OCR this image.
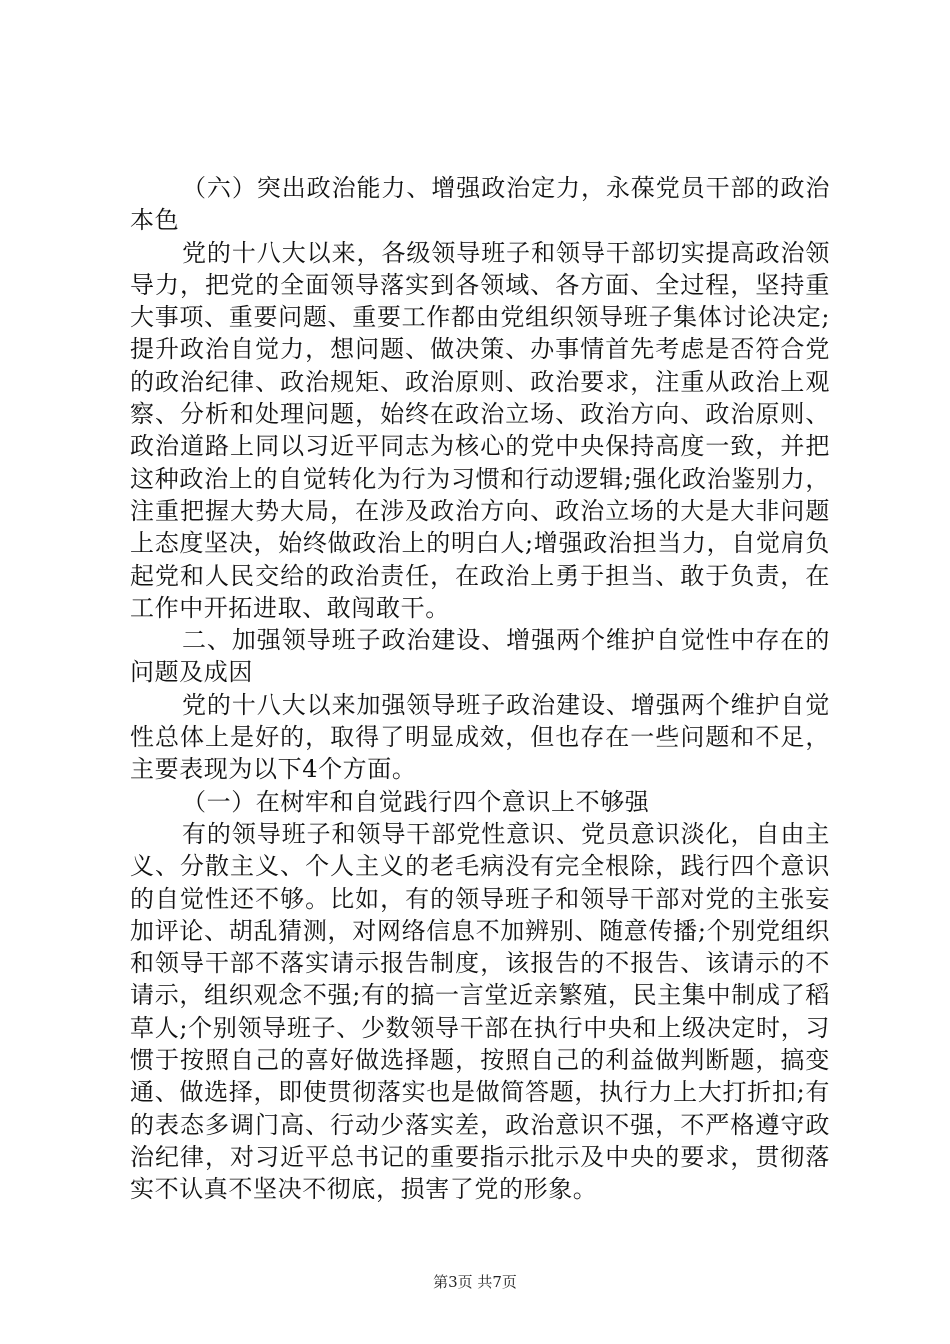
（六）突出政治能力、增强政治定力，永葆党员干部的政治本色

党的十八大以来，各级领导班子和领导干部切实提高政治领导力，把党的全面领导落实到各领域、各方面、全过程，坚持重大事项、重要问题、重要工作都由党组织领导班子集体讨论决定;提升政治自觉力，想问题、做决策、办事情首先考虑是否符合党的政治纪律、政治规矩、政治原则、政治要求，注重从政治上观察、分析和处理问题，始终在政治立场、政治方向、政治原则、政治道路上同以习近平同志为核心的党中央保持高度一致，并把这种政治上的自觉转化为行为习惯和行动逻辑;强化政治鉴别力，注重把握大势大局，在涉及政治方向、政治立场的大是大非问题上态度坚决，始终做政治上的明白人;增强政治担当力，自觉肩负起党和人民交给的政治责任，在政治上勇于担当、敢于负责，在工作中开拓进取、敢闯敢干。

二、加强领导班子政治建设、增强两个维护自觉性中存在的问题及成因

党的十八大以来加强领导班子政治建设、增强两个维护自觉性总体上是好的，取得了明显成效，但也存在一些问题和不足，主要表现为以下4个方面。

（一）在树牢和自觉践行四个意识上不够强

有的领导班子和领导干部党性意识、党员意识淡化，自由主义、分散主义、个人主义的老毛病没有完全根除，践行四个意识的自觉性还不够。比如，有的领导班子和领导干部对党的主张妄加评论、胡乱猜测，对网络信息不加辨别、随意传播;个别党组织和领导干部不落实请示报告制度，该报告的不报告、该请示的不请示，组织观念不强;有的搞一言堂近亲繁殖，民主集中制成了稻草人;个别领导班子、少数领导干部在执行中央和上级决定时，习惯于按照自己的喜好做选择题，按照自己的利益做判断题，搞变通、做选择，即使贯彻落实也是做简答题，执行力上大打折扣;有的表态多调门高、行动少落实差，政治意识不强，不严格遵守政治纪律，对习近平总书记的重要指示批示及中央的要求，贯彻落实不认真不坚决不彻底，损害了党的形象。

第3页 共7页
